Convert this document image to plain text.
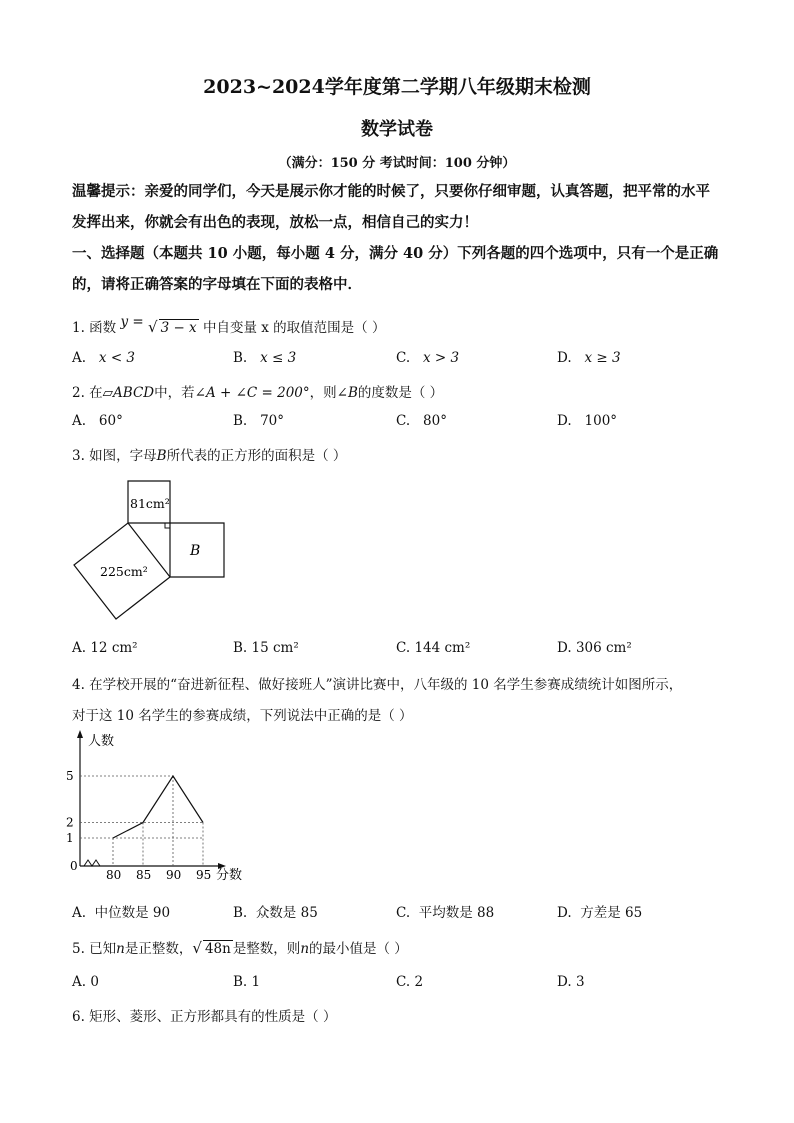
2023~2024学年度第二学期八年级期末检测
数学试卷
（满分：150 分 考试时间：100 分钟）
温馨提示：亲爱的同学们，今天是展示你才能的时候了，只要你仔细审题，认真答题，把平常的水平发挥出来，你就会有出色的表现，放松一点，相信自己的实力！
一、选择题（本题共 10 小题，每小题 4 分，满分 40 分）下列各题的四个选项中，只有一个是正确的，请将正确答案的字母填在下面的表格中．
1. 函数 y = √ 3 − x 中自变量 x 的取值范围是（ ）
A. x < 3	B. x ≤ 3	C. x > 3	D. x ≥ 3
2. 在▱ABCD中，若∠A + ∠C = 200°，则∠B的度数是（ ）
A. 60°	B. 70°	C. 80°	D. 100°
3. 如图，字母B所代表的正方形的面积是（ ）
81cm²
B
225cm²
A. 12 cm²	B. 15 cm²	C. 144 cm²	D. 306 cm²
4. 在学校开展的“奋进新征程、做好接班人”演讲比赛中，八年级的 10 名学生参赛成绩统计如图所示，
对于这 10 名学生的参赛成绩，下列说法中正确的是（ ）
人数
分数
0
1
2
5
80 85 90 95
A. 中位数是 90	B. 众数是 85	C. 平均数是 88	D. 方差是 65
5. 已知n是正整数，√ 48n 是整数，则n的最小值是（ ）
A. 0	B. 1	C. 2	D. 3
6. 矩形、菱形、正方形都具有的性质是（ ）
